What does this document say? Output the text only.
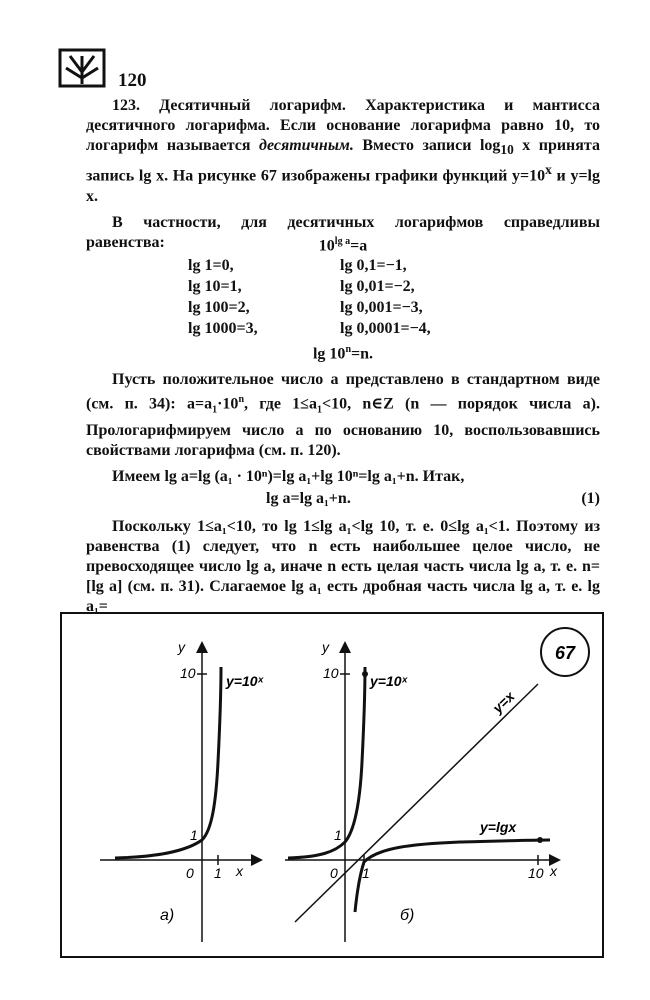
120

123. Десятичный логарифм. Характеристика и мантисса десятичного логарифма. Если основание логарифма равно 10, то логарифм называется десятичным. Вместо записи $\log_{10} x$ принята запись lg x. На рисунке 67 изображены графики функций $y=10^x$ и y=lg x.

В частности, для десятичных логарифмов справедливы равенства:	$10^{lg a}=a$
lg 1=0,	lg 0,1=−1,
lg 10=1,	lg 0,01=−2,
lg 100=2,	lg 0,001=−3,
lg 1000=3,	lg 0,0001=−4,
$\lg 10^n=n$.

Пусть положительное число a представлено в стандартном виде (см. п. 34): $a=a_1\cdot 10^n$, где $1\le a_1<10$, n∈Z (n — порядок числа a). Прологарифмируем число a по основанию 10, воспользовавшись свойствами логарифма (см. п. 120).

Имеем lg a=lg (a₁ · 10ⁿ)=lg a₁+lg 10ⁿ=lg a₁+n. Итак,

lg a=lg a₁+n.	(1)

Поскольку 1≤a₁<10, то lg 1≤lg a₁<lg 10, т. е. 0≤lg a₁<1. Поэтому из равенства (1) следует, что n есть наибольшее целое число, не превосходящее число lg a, иначе n есть целая часть числа lg a, т. е. n=[lg a] (см. п. 31). Слагаемое lg a₁ есть дробная часть числа lg a, т. е. lg a₁=

67
y
10 y=10ˣ
1
0 1 x
а)
y
10 y=10ˣ
y=x
y=lgx
1
0 1	10 x
б)
